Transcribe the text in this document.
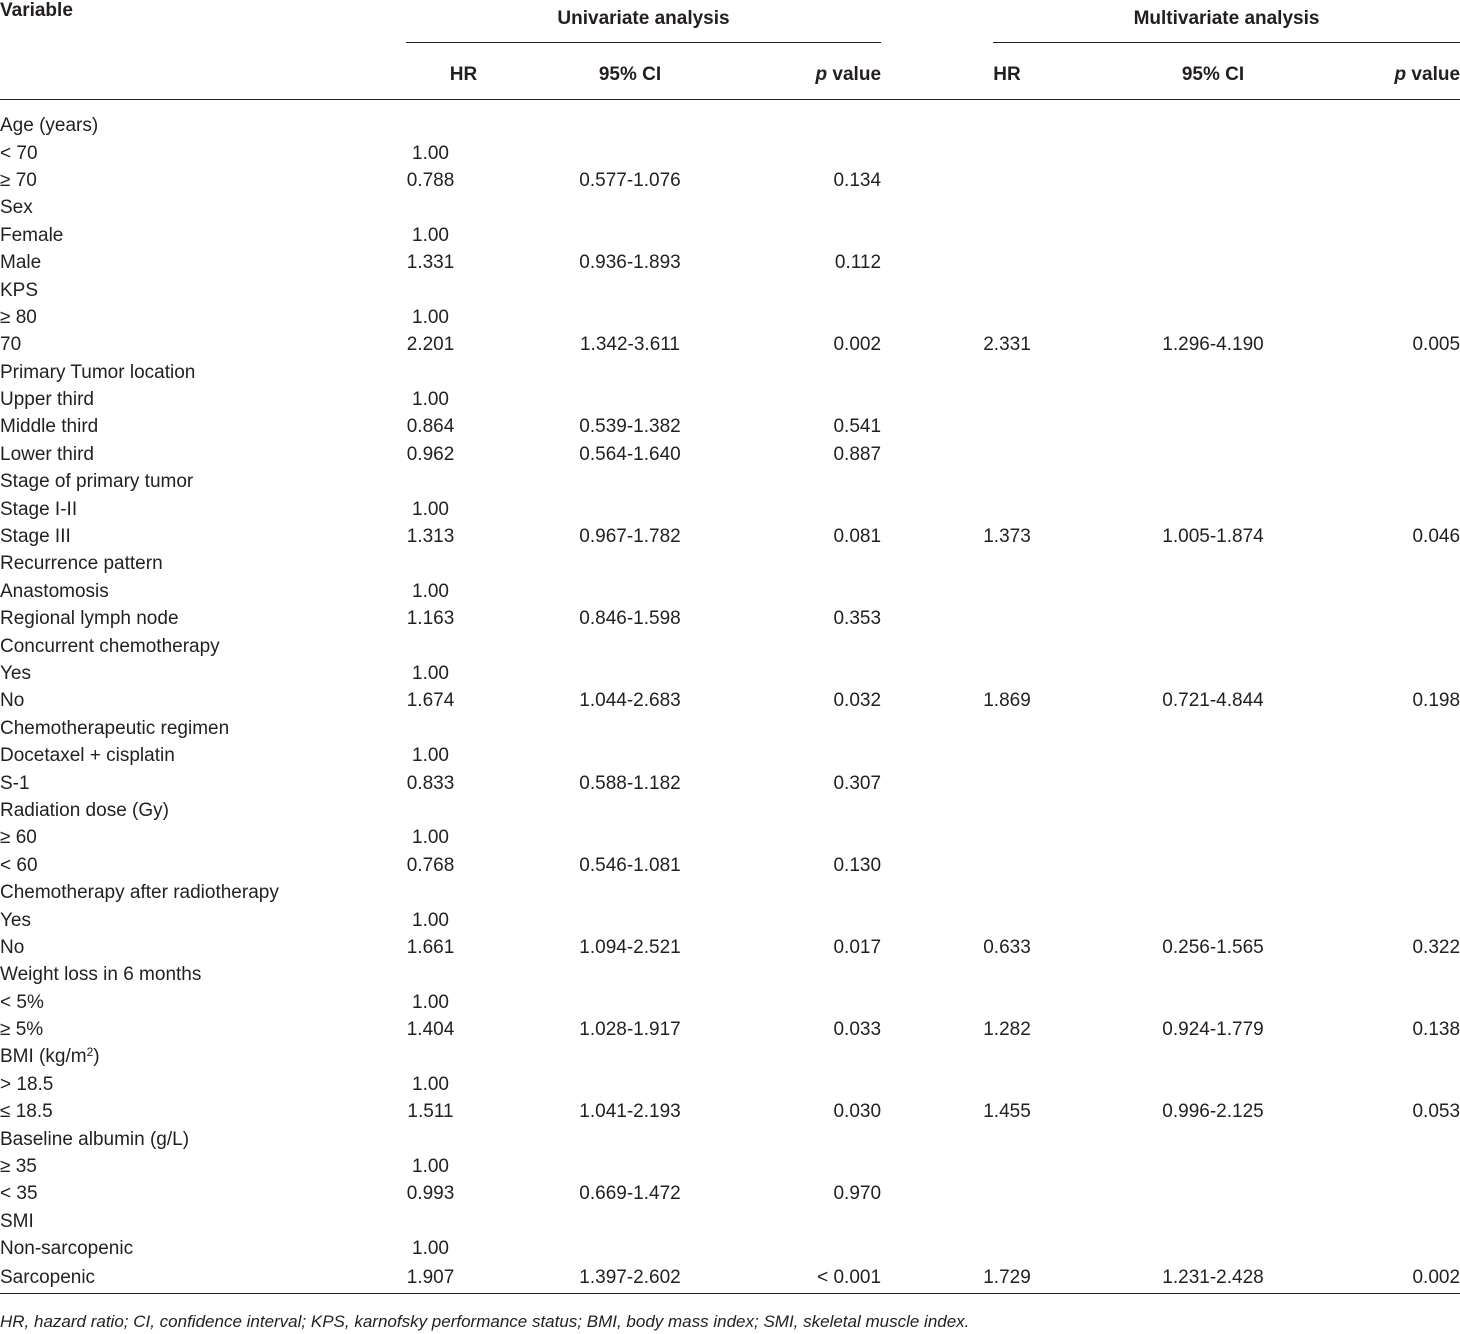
Variable	Univariate analysis				Multivariate analysis		

	HR	95% CI	p value		HR	95% CI	p value

Age (years)							
< 70	1.00						
≥ 70	0.788	0.577-1.076	0.134				
Sex							
Female	1.00						
Male	1.331	0.936-1.893	0.112				
KPS							
≥ 80	1.00						
70	2.201	1.342-3.611	0.002		2.331	1.296-4.190	0.005
Primary Tumor location							
Upper third	1.00						
Middle third	0.864	0.539-1.382	0.541				
Lower third	0.962	0.564-1.640	0.887				
Stage of primary tumor							
Stage I-II	1.00						
Stage III	1.313	0.967-1.782	0.081		1.373	1.005-1.874	0.046
Recurrence pattern							
Anastomosis	1.00						
Regional lymph node	1.163	0.846-1.598	0.353				
Concurrent chemotherapy							
Yes	1.00						
No	1.674	1.044-2.683	0.032		1.869	0.721-4.844	0.198
Chemotherapeutic regimen							
Docetaxel + cisplatin	1.00						
S-1	0.833	0.588-1.182	0.307				
Radiation dose (Gy)							
≥ 60	1.00						
< 60	0.768	0.546-1.081	0.130				
Chemotherapy after radiotherapy							
Yes	1.00						
No	1.661	1.094-2.521	0.017		0.633	0.256-1.565	0.322
Weight loss in 6 months							
< 5%	1.00						
≥ 5%	1.404	1.028-1.917	0.033		1.282	0.924-1.779	0.138
BMI $(kg/m^2)$							
> 18.5	1.00						
≤ 18.5	1.511	1.041-2.193	0.030		1.455	0.996-2.125	0.053
Baseline albumin (g/L)							
≥ 35	1.00						
< 35	0.993	0.669-1.472	0.970				
SMI							
Non-sarcopenic	1.00						
Sarcopenic	1.907	1.397-2.602	< 0.001		1.729	1.231-2.428	0.002
HR, hazard ratio; CI, confidence interval; KPS, karnofsky performance status; BMI, body mass index; SMI, skeletal muscle index.
